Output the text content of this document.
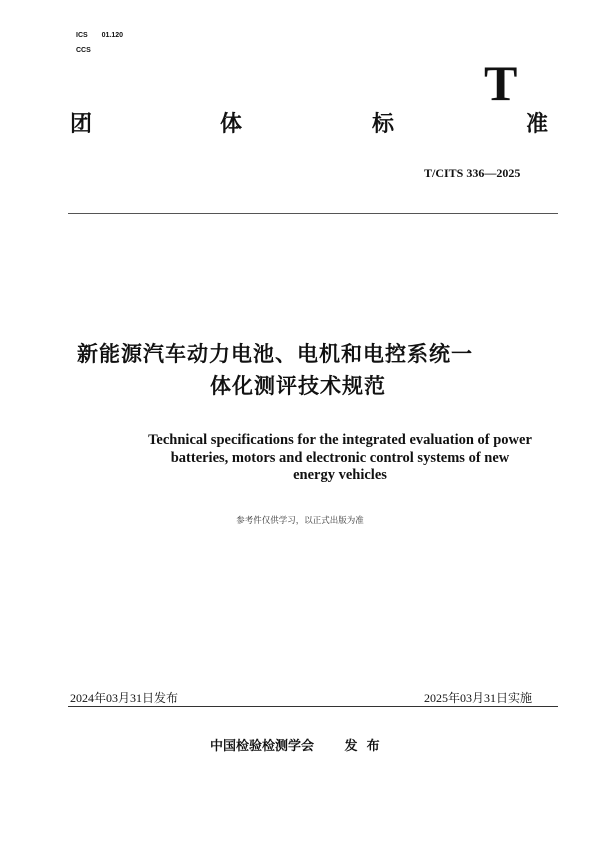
ICS 01.120
CCS
T
团	体	标	准
T/CITS 336—2025
新能源汽车动力电池、电机和电控系统一
体化测评技术规范
Technical specifications for the integrated evaluation of power
batteries, motors and electronic control systems of new
energy vehicles
参考件仅供学习，以正式出版为准
2024年03月31日发布	2025年03月31日实施
中国检验检测学会 发  布
